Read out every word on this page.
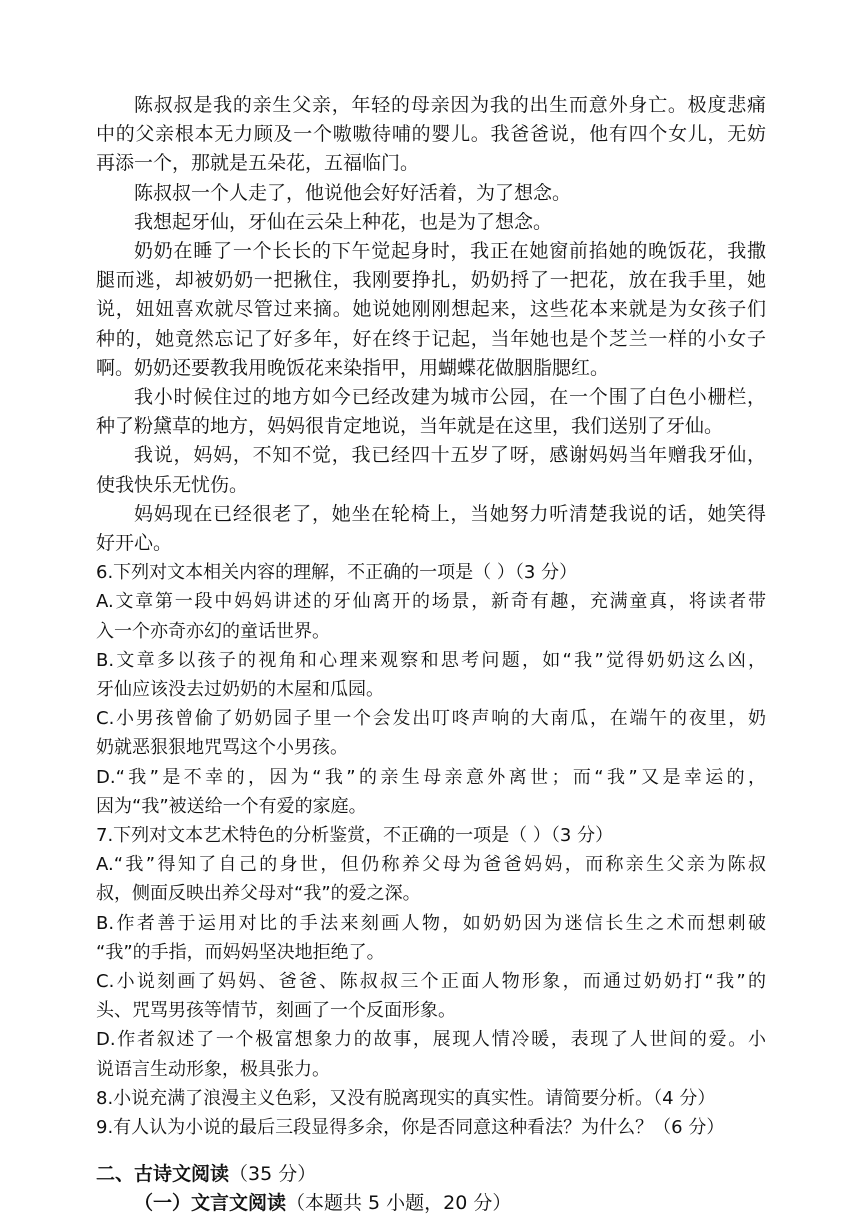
陈叔叔是我的亲生父亲，年轻的母亲因为我的出生而意外身亡。极度悲痛
中的父亲根本无力顾及一个嗷嗷待哺的婴儿。我爸爸说，他有四个女儿，无妨
再添一个，那就是五朵花，五福临门。
陈叔叔一个人走了，他说他会好好活着，为了想念。
我想起牙仙，牙仙在云朵上种花，也是为了想念。
奶奶在睡了一个长长的下午觉起身时，我正在她窗前掐她的晚饭花，我撒
腿而逃，却被奶奶一把揪住，我刚要挣扎，奶奶捋了一把花，放在我手里，她
说，妞妞喜欢就尽管过来摘。她说她刚刚想起来，这些花本来就是为女孩子们
种的，她竟然忘记了好多年，好在终于记起，当年她也是个芝兰一样的小女子
啊。奶奶还要教我用晚饭花来染指甲，用蝴蝶花做胭脂腮红。
我小时候住过的地方如今已经改建为城市公园，在一个围了白色小栅栏，
种了粉黛草的地方，妈妈很肯定地说，当年就是在这里，我们送别了牙仙。
我说，妈妈，不知不觉，我已经四十五岁了呀，感谢妈妈当年赠我牙仙，
使我快乐无忧伤。
妈妈现在已经很老了，她坐在轮椅上，当她努力听清楚我说的话，她笑得
好开心。
6.下列对文本相关内容的理解，不正确的一项是（ ）（3 分）
A.文章第一段中妈妈讲述的牙仙离开的场景，新奇有趣，充满童真，将读者带
入一个亦奇亦幻的童话世界。
B.文章多以孩子的视角和心理来观察和思考问题，如“我”觉得奶奶这么凶，
牙仙应该没去过奶奶的木屋和瓜园。
C.小男孩曾偷了奶奶园子里一个会发出叮咚声响的大南瓜，在端午的夜里，奶
奶就恶狠狠地咒骂这个小男孩。
D.“我”是不幸的，因为“我”的亲生母亲意外离世；而“我”又是幸运的，
因为“我”被送给一个有爱的家庭。
7.下列对文本艺术特色的分析鉴赏，不正确的一项是（ ）（3 分）
A.“我”得知了自己的身世，但仍称养父母为爸爸妈妈，而称亲生父亲为陈叔
叔，侧面反映出养父母对“我”的爱之深。
B.作者善于运用对比的手法来刻画人物，如奶奶因为迷信长生之术而想刺破
“我”的手指，而妈妈坚决地拒绝了。
C.小说刻画了妈妈、爸爸、陈叔叔三个正面人物形象，而通过奶奶打“我”的
头、咒骂男孩等情节，刻画了一个反面形象。
D.作者叙述了一个极富想象力的故事，展现人情冷暖，表现了人世间的爱。小
说语言生动形象，极具张力。
8.小说充满了浪漫主义色彩，又没有脱离现实的真实性。请简要分析。（4 分）
9.有人认为小说的最后三段显得多余，你是否同意这种看法？为什么？（6 分）
二、古诗文阅读（35 分）
（一）文言文阅读（本题共 5 小题，20 分）
